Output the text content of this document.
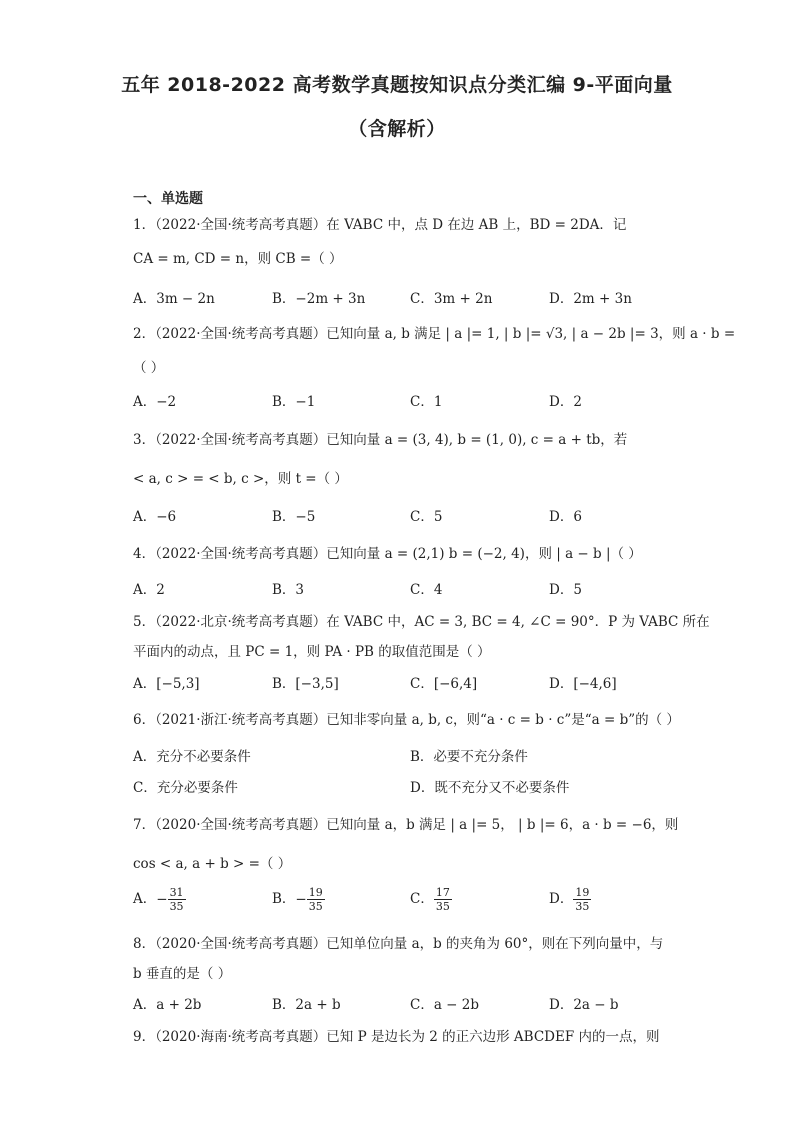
五年 2018-2022 高考数学真题按知识点分类汇编 9-平面向量
（含解析）
一、单选题
1．（2022·全国·统考高考真题）在 VABC 中，点 D 在边 AB 上，BD = 2DA．记
CA = m, CD = n，则 CB =（ ）
A．3m − 2n	B．−2m + 3n	C．3m + 2n	D．2m + 3n
2．（2022·全国·统考高考真题）已知向量 a, b 满足 | a |= 1, | b |= √3, | a − 2b |= 3，则 a · b =
（ ）
A．−2	B．−1	C．1	D．2
3．（2022·全国·统考高考真题）已知向量 a = (3, 4), b = (1, 0), c = a + tb，若
< a, c > = < b, c >，则 t =（ ）
A．−6	B．−5	C．5	D．6
4．（2022·全国·统考高考真题）已知向量 a = (2,1) b = (−2, 4)，则 | a − b |（ ）
A．2	B．3	C．4	D．5
5．（2022·北京·统考高考真题）在 VABC 中，AC = 3, BC = 4, ∠C = 90°．P 为 VABC 所在
平面内的动点，且 PC = 1，则 PA · PB 的取值范围是（ ）
A．[−5,3]	B．[−3,5]	C．[−6,4]	D．[−4,6]
6．（2021·浙江·统考高考真题）已知非零向量 a, b, c，则“a · c = b · c”是“a = b”的（ ）
A．充分不必要条件	B．必要不充分条件
C．充分必要条件	D．既不充分又不必要条件
7．（2020·全国·统考高考真题）已知向量 a，b 满足 | a |= 5， | b |= 6，a · b = −6，则
cos < a, a + b > =（ ）
A．− $\frac{31}{35}$	B．− $\frac{19}{35}$	C． $\frac{17}{35}$	D． $\frac{19}{35}$
8．（2020·全国·统考高考真题）已知单位向量 a，b 的夹角为 60°，则在下列向量中，与
b 垂直的是（ ）
A．a + 2b	B．2a + b	C．a − 2b	D．2a − b
9．（2020·海南·统考高考真题）已知 P 是边长为 2 的正六边形 ABCDEF 内的一点，则
